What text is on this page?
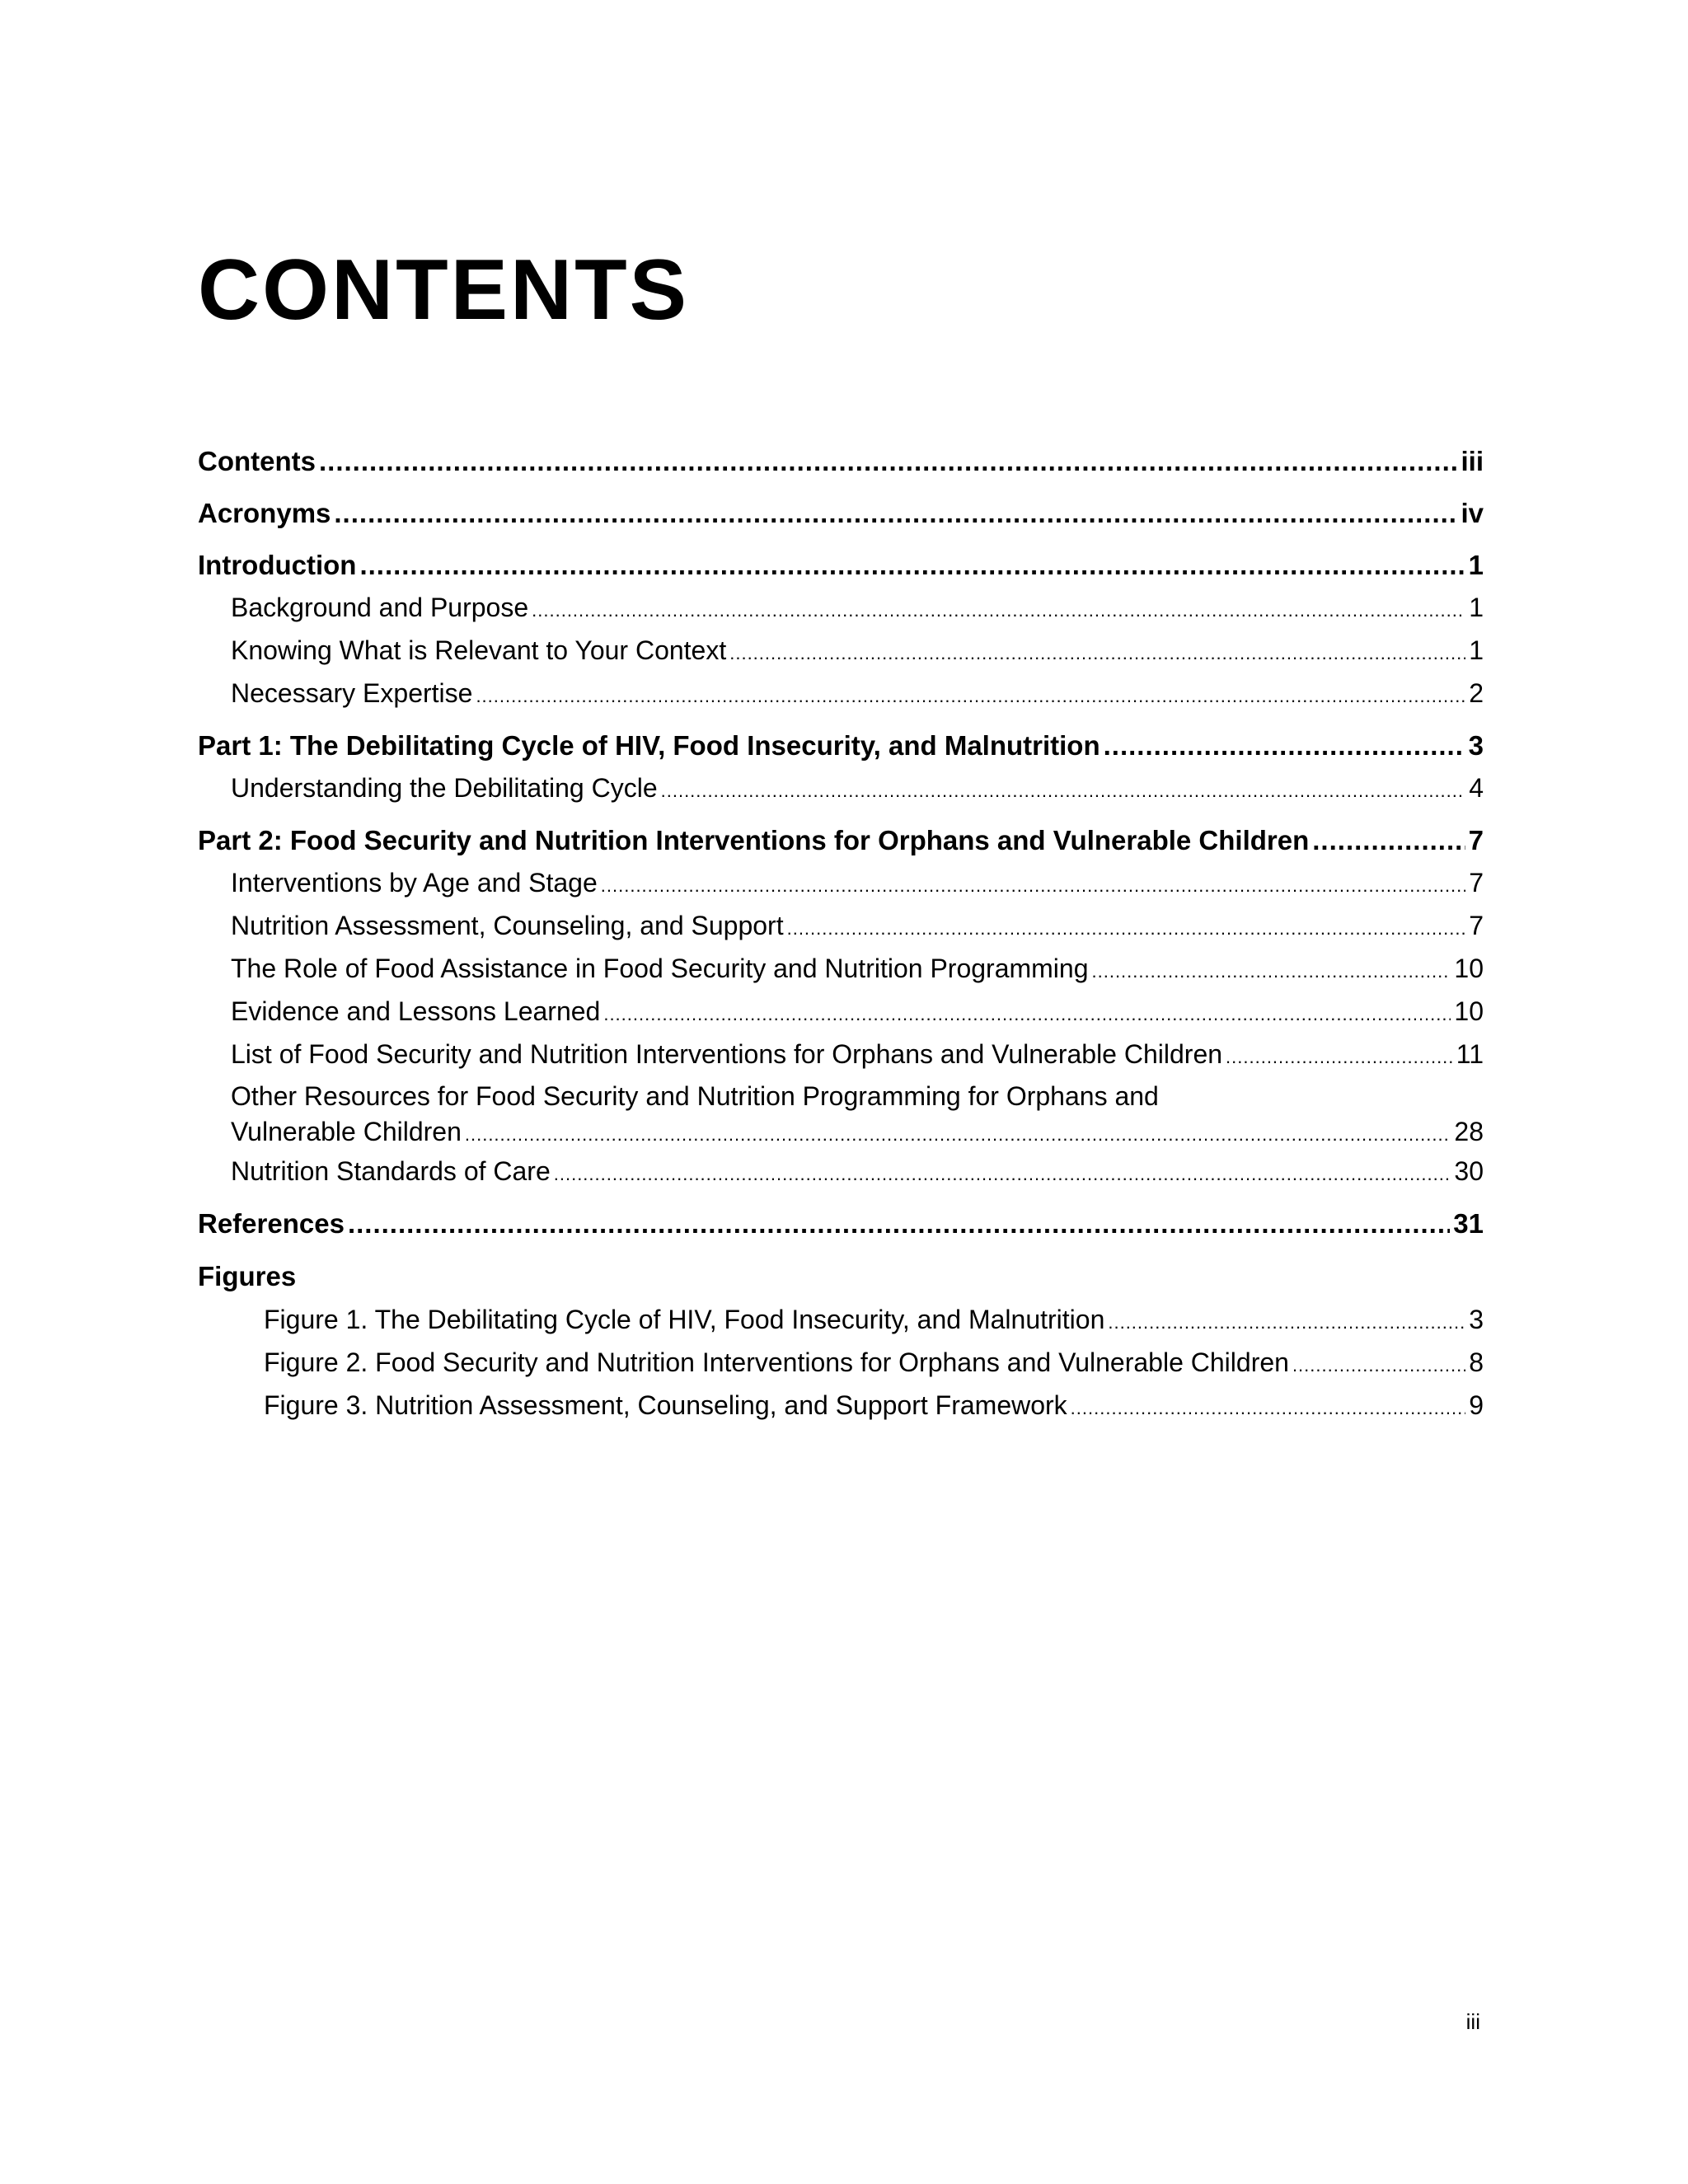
CONTENTS
Contents .....	iii
Acronyms .....	iv
Introduction .....	1
Background and Purpose .....	1
Knowing What is Relevant to Your Context .....	1
Necessary Expertise .....	2
Part 1: The Debilitating Cycle of HIV, Food Insecurity, and Malnutrition .....	3
Understanding the Debilitating Cycle .....	4
Part 2: Food Security and Nutrition Interventions for Orphans and Vulnerable Children .....	7
Interventions by Age and Stage .....	7
Nutrition Assessment, Counseling, and Support .....	7
The Role of Food Assistance in Food Security and Nutrition Programming .....	10
Evidence and Lessons Learned .....	10
List of Food Security and Nutrition Interventions for Orphans and Vulnerable Children .....	11
Other Resources for Food Security and Nutrition Programming for Orphans and
Vulnerable Children .....	28
Nutrition Standards of Care .....	30
References .....	31
Figures
Figure 1. The Debilitating Cycle of HIV, Food Insecurity, and Malnutrition .....	3
Figure 2. Food Security and Nutrition Interventions for Orphans and Vulnerable Children .....	8
Figure 3. Nutrition Assessment, Counseling, and Support Framework .....	9
iii
